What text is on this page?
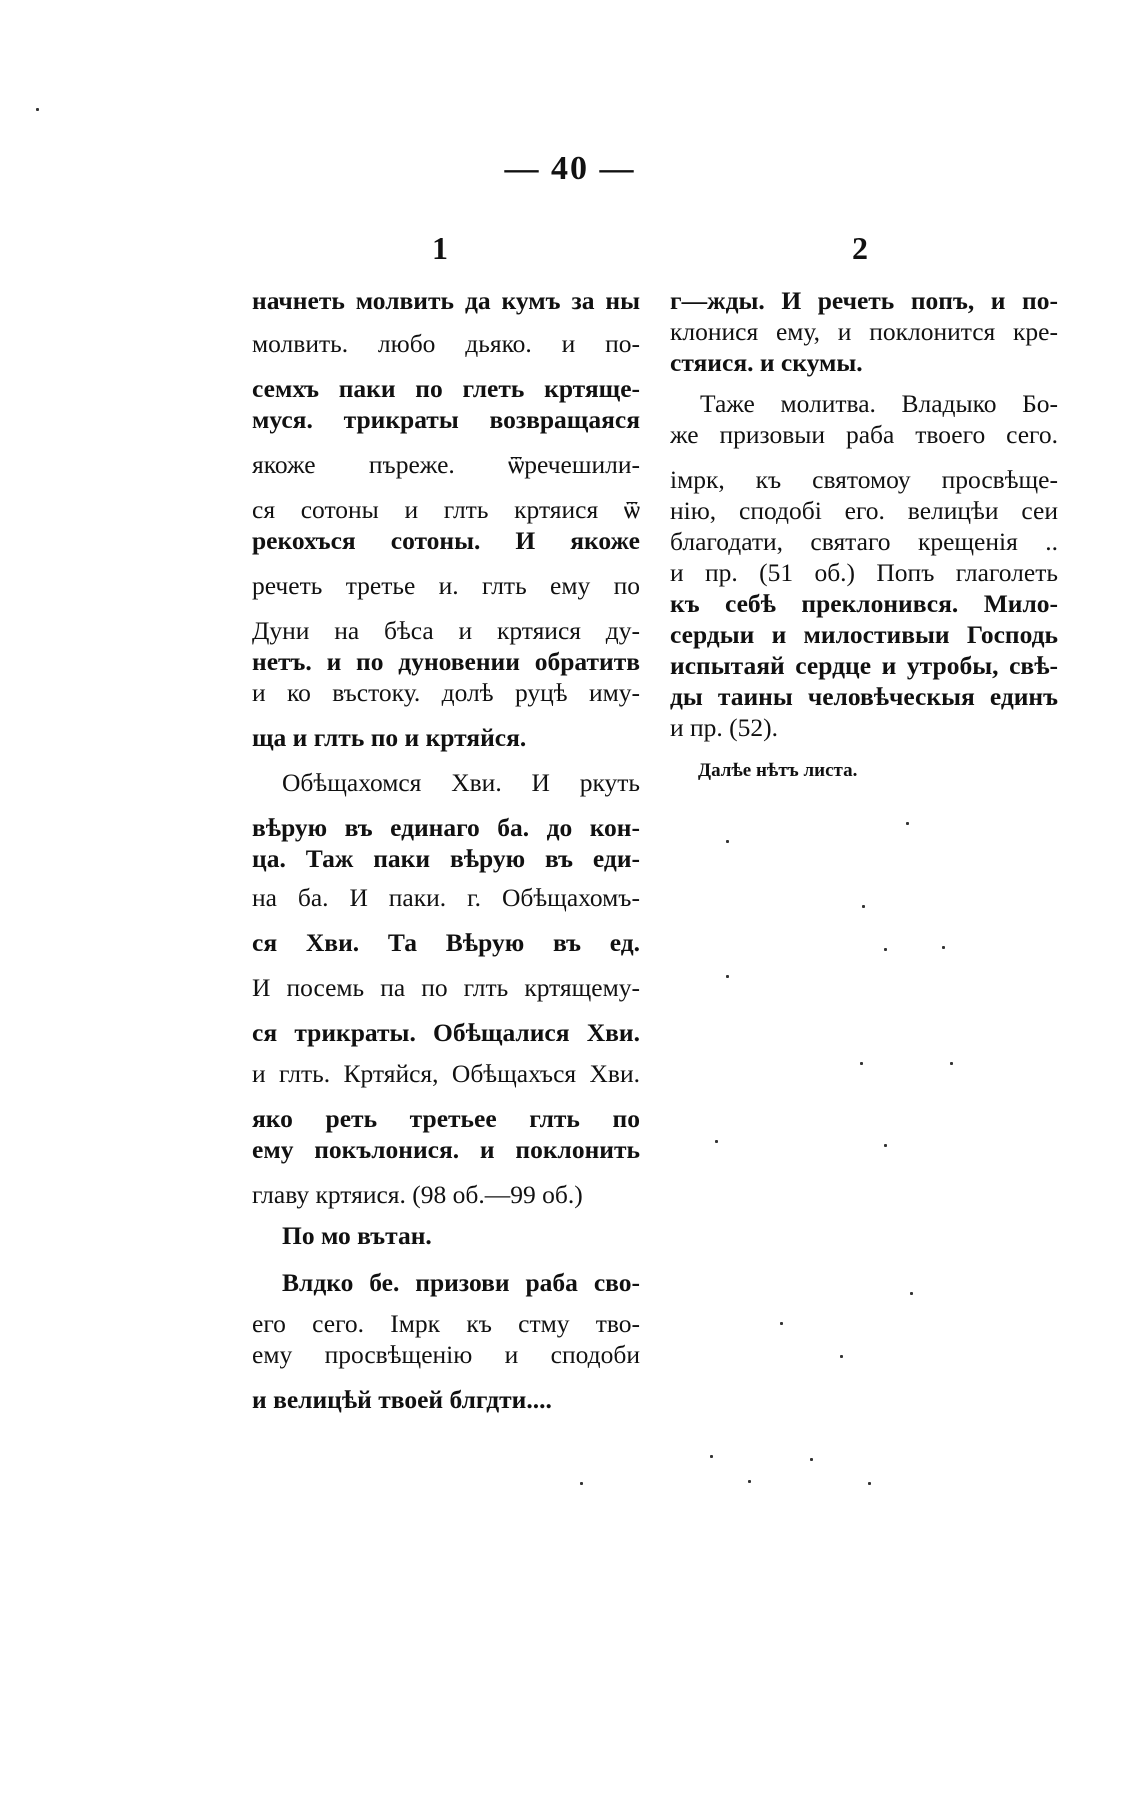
— 40 —
1	2
начнеть молвить да кумъ за ны
молвить. любо дьяко. и по-
семхъ паки по глеть кртяще-
муся. трикраты возвращаяся
якоже пъреже. ѿречешили-
ся сотоны и глть кртяися ѿ
рекохъся сотоны. И якоже
речеть третье и. глть ему по
Дуни на бѣса и кртяися ду-
нетъ. и по дуновении обратитв
и ко въстоку. долѣ руцѣ иму-
ща и глть по и кртяйся.
Обѣщахомся Хви. И ркуть
вѣрую въ единаго ба. до кон-
ца. Таж паки вѣрую въ еди-
на ба. И паки. г. Обѣщахомъ-
ся Хви. Та Вѣрую въ ед.
И посемь па по глть кртящему-
ся трикраты. Обѣщалися Хви.
и глть. Кртяйся, Обѣщахъся Хви.
яко реть третьее глть по
ему покълонися. и поклонить
главу кртяися. (98 об.—99 об.)
По мо вътан.
Влдко бе. призови раба сво-
его сего. Імрк къ стму тво-
ему просвѣщенію и сподоби
и велицѣй твоей блгдти....
г—жды. И речеть попъ, и по-
клонися ему, и поклонится кре-
стяися. и скумы.
Таже молитва. Владыко Бо-
же призовыи раба твоего сего.
імрк, къ святомоу просвѣще-
нію, сподобі его. велицѣи сеи
благодати, святаго крещенія ..
и пр. (51 об.) Попъ глаголеть
къ себѣ преклонився. Мило-
сердыи и милостивыи Господь
испытаяй сердце и утробы, свѣ-
ды таины человѣческыя единъ
и пр. (52).
Далѣе нѣтъ листа.
